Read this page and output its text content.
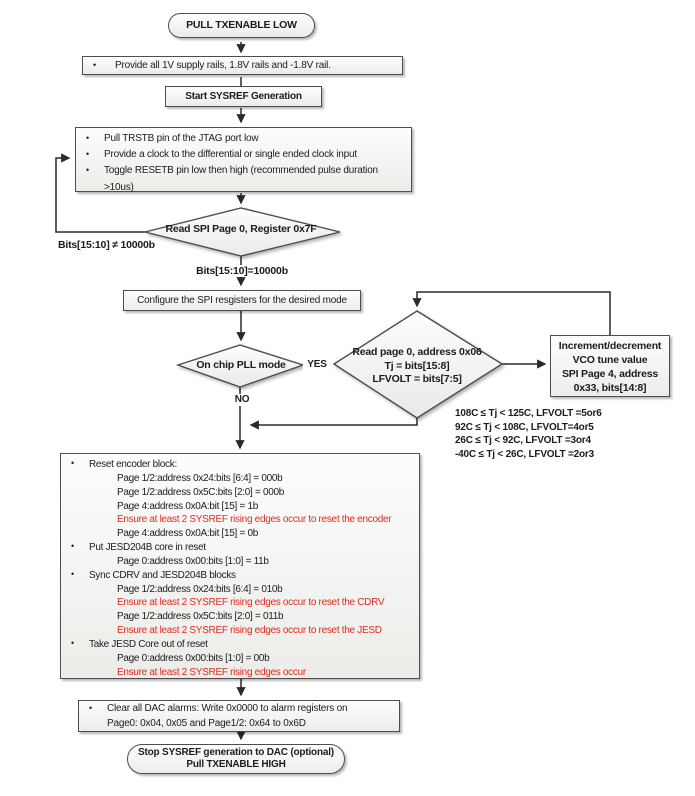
PULL TXENABLE LOW
• Provide all 1V supply rails, 1.8V rails and -1.8V rail.
Start SYSREF Generation
• Pull TRSTB pin of the JTAG port low
• Provide a clock to the differential or single ended clock input
• Toggle RESETB pin low then high (recommended pulse duration
>10us)
Read SPI Page 0, Register 0x7F
Bits[15:10] ≠ 10000b
Bits[15:10]=10000b
Configure the SPI resgisters for the desired mode
On chip PLL mode	YES
NO
Read page 0, address 0x06
Tj = bits[15:8]
LFVOLT = bits[7:5]
Increment/decrement
VCO tune value
SPI Page 4, address
0x33, bits[14:8]
108C ≤ Tj < 125C, LFVOLT =5or6
92C ≤ Tj < 108C, LFVOLT=4or5
26C ≤ Tj < 92C, LFVOLT =3or4
-40C ≤ Tj < 26C, LFVOLT =2or3
• Reset encoder block:
Page 1/2:address 0x24:bits [6:4] = 000b
Page 1/2:address 0x5C:bits [2:0] = 000b
Page 4:address 0x0A:bit [15] = 1b
Ensure at least 2 SYSREF rising edges occur to reset the encoder
Page 4:address 0x0A:bit [15] = 0b
• Put JESD204B core in reset
Page 0:address 0x00:bits [1:0] = 11b
• Sync CDRV and JESD204B blocks
Page 1/2:address 0x24:bits [6:4] = 010b
Ensure at least 2 SYSREF rising edges occur to reset the CDRV
Page 1/2:address 0x5C:bits [2:0] = 011b
Ensure at least 2 SYSREF rising edges occur to reset the JESD
• Take JESD Core out of reset
Page 0:address 0x00:bits [1:0] = 00b
Ensure at least 2 SYSREF rising edges occur
• Clear all DAC alarms: Write 0x0000 to alarm registers on
Page0: 0x04, 0x05 and Page1/2: 0x64 to 0x6D
Stop SYSREF generation to DAC (optional)
Pull TXENABLE HIGH
